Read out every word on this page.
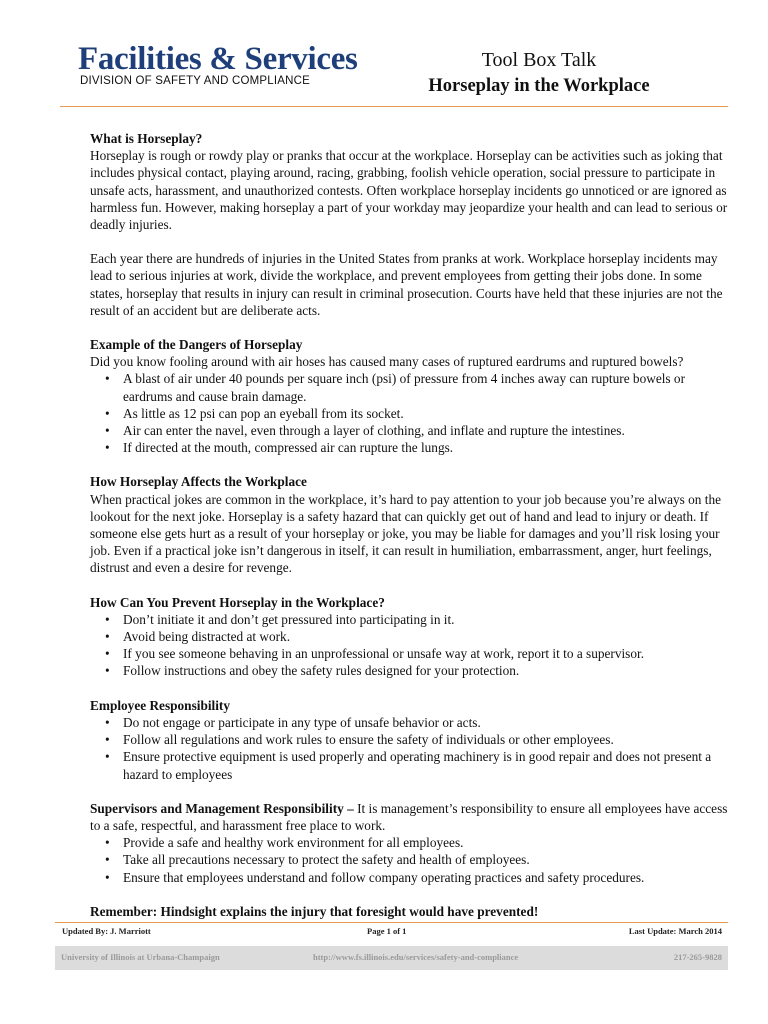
Facilities & Services
DIVISION OF SAFETY AND COMPLIANCE
Tool Box Talk
Horseplay in the Workplace

What is Horseplay?

Horseplay is rough or rowdy play or pranks that occur at the workplace. Horseplay can be activities such as joking that includes physical contact, playing around, racing, grabbing, foolish vehicle operation, social pressure to participate in unsafe acts, harassment, and unauthorized contests. Often workplace horseplay incidents go unnoticed or are ignored as harmless fun. However, making horseplay a part of your workday may jeopardize your health and can lead to serious or deadly injuries.

Each year there are hundreds of injuries in the United States from pranks at work. Workplace horseplay incidents may lead to serious injuries at work, divide the workplace, and prevent employees from getting their jobs done. In some states, horseplay that results in injury can result in criminal prosecution. Courts have held that these injuries are not the result of an accident but are deliberate acts.

Example of the Dangers of Horseplay

Did you know fooling around with air hoses has caused many cases of ruptured eardrums and ruptured bowels?

• A blast of air under 40 pounds per square inch (psi) of pressure from 4 inches away can rupture bowels or eardrums and cause brain damage.
• As little as 12 psi can pop an eyeball from its socket.
• Air can enter the navel, even through a layer of clothing, and inflate and rupture the intestines.
• If directed at the mouth, compressed air can rupture the lungs.

How Horseplay Affects the Workplace

When practical jokes are common in the workplace, it’s hard to pay attention to your job because you’re always on the lookout for the next joke. Horseplay is a safety hazard that can quickly get out of hand and lead to injury or death. If someone else gets hurt as a result of your horseplay or joke, you may be liable for damages and you’ll risk losing your job. Even if a practical joke isn’t dangerous in itself, it can result in humiliation, embarrassment, anger, hurt feelings, distrust and even a desire for revenge.

How Can You Prevent Horseplay in the Workplace?

• Don’t initiate it and don’t get pressured into participating in it.
• Avoid being distracted at work.
• If you see someone behaving in an unprofessional or unsafe way at work, report it to a supervisor.
• Follow instructions and obey the safety rules designed for your protection.

Employee Responsibility

• Do not engage or participate in any type of unsafe behavior or acts.
• Follow all regulations and work rules to ensure the safety of individuals or other employees.
• Ensure protective equipment is used properly and operating machinery is in good repair and does not present a hazard to employees

Supervisors and Management Responsibility – It is management’s responsibility to ensure all employees have access to a safe, respectful, and harassment free place to work.

• Provide a safe and healthy work environment for all employees.
• Take all precautions necessary to protect the safety and health of employees.
• Ensure that employees understand and follow company operating practices and safety procedures.

Remember: Hindsight explains the injury that foresight would have prevented!

Updated By: J. Marriott	Page 1 of 1	Last Update: March 2014
University of Illinois at Urbana-Champaign	http://www.fs.illinois.edu/services/safety-and-compliance	217-265-9828
